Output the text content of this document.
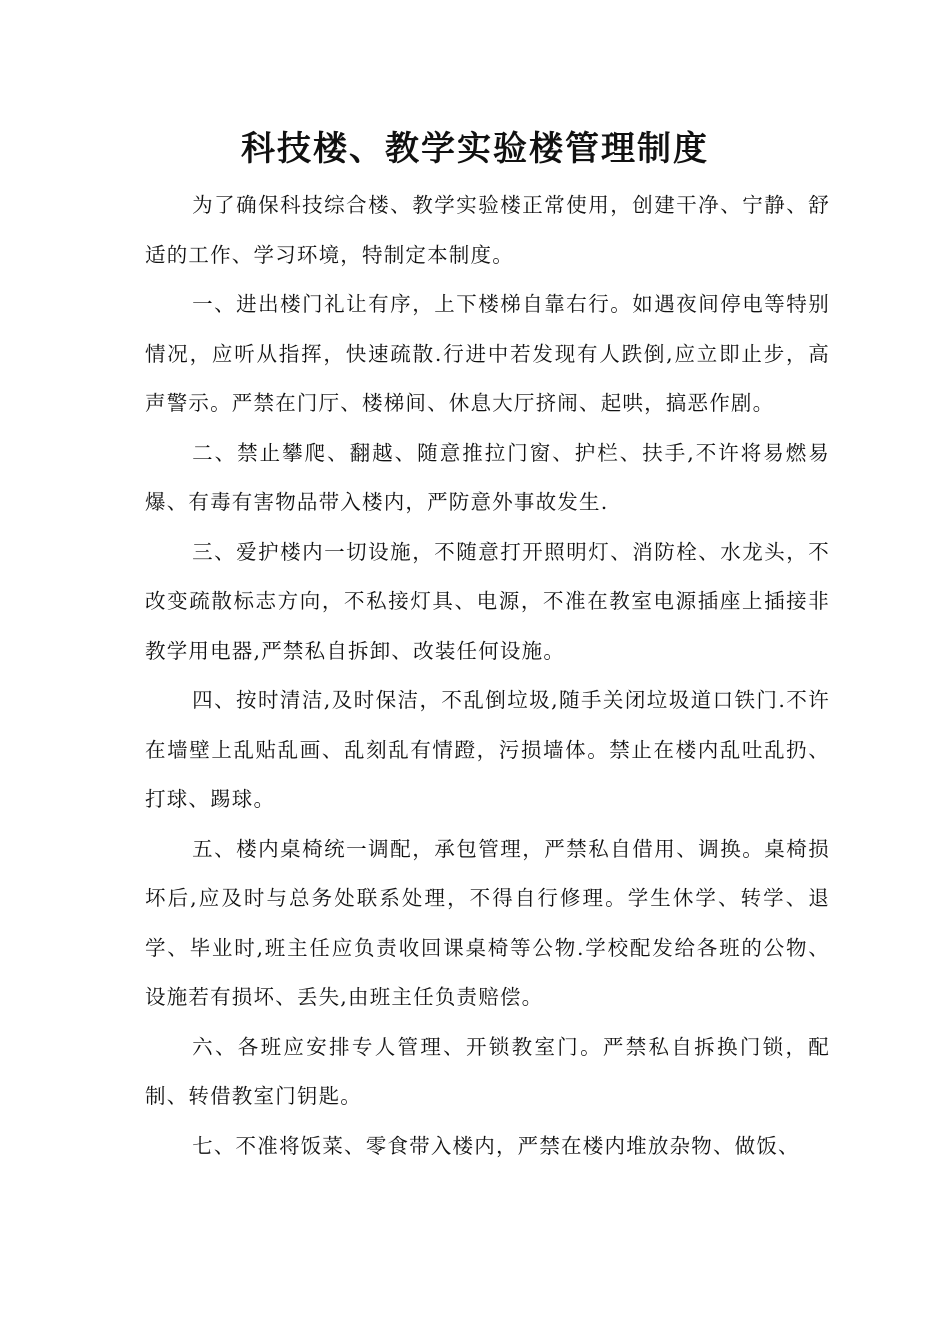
科技楼、教学实验楼管理制度

为了确保科技综合楼、教学实验楼正常使用，创建干净、宁静、舒适的工作、学习环境，特制定本制度。

一、进出楼门礼让有序，上下楼梯自靠右行。如遇夜间停电等特别情况，应听从指挥，快速疏散.行进中若发现有人跌倒,应立即止步，高声警示。严禁在门厅、楼梯间、休息大厅挤闹、起哄，搞恶作剧。

二、禁止攀爬、翻越、随意推拉门窗、护栏、扶手,不许将易燃易爆、有毒有害物品带入楼内，严防意外事故发生.

三、爱护楼内一切设施，不随意打开照明灯、消防栓、水龙头，不改变疏散标志方向，不私接灯具、电源，不准在教室电源插座上插接非教学用电器,严禁私自拆卸、改装任何设施。

四、按时清洁,及时保洁，不乱倒垃圾,随手关闭垃圾道口铁门.不许在墙壁上乱贴乱画、乱刻乱有情蹬，污损墙体。禁止在楼内乱吐乱扔、打球、踢球。

五、楼内桌椅统一调配，承包管理，严禁私自借用、调换。桌椅损坏后,应及时与总务处联系处理，不得自行修理。学生休学、转学、退学、毕业时,班主任应负责收回课桌椅等公物.学校配发给各班的公物、设施若有损坏、丢失,由班主任负责赔偿。

六、各班应安排专人管理、开锁教室门。严禁私自拆换门锁，配制、转借教室门钥匙。

七、不准将饭菜、零食带入楼内，严禁在楼内堆放杂物、做饭、
